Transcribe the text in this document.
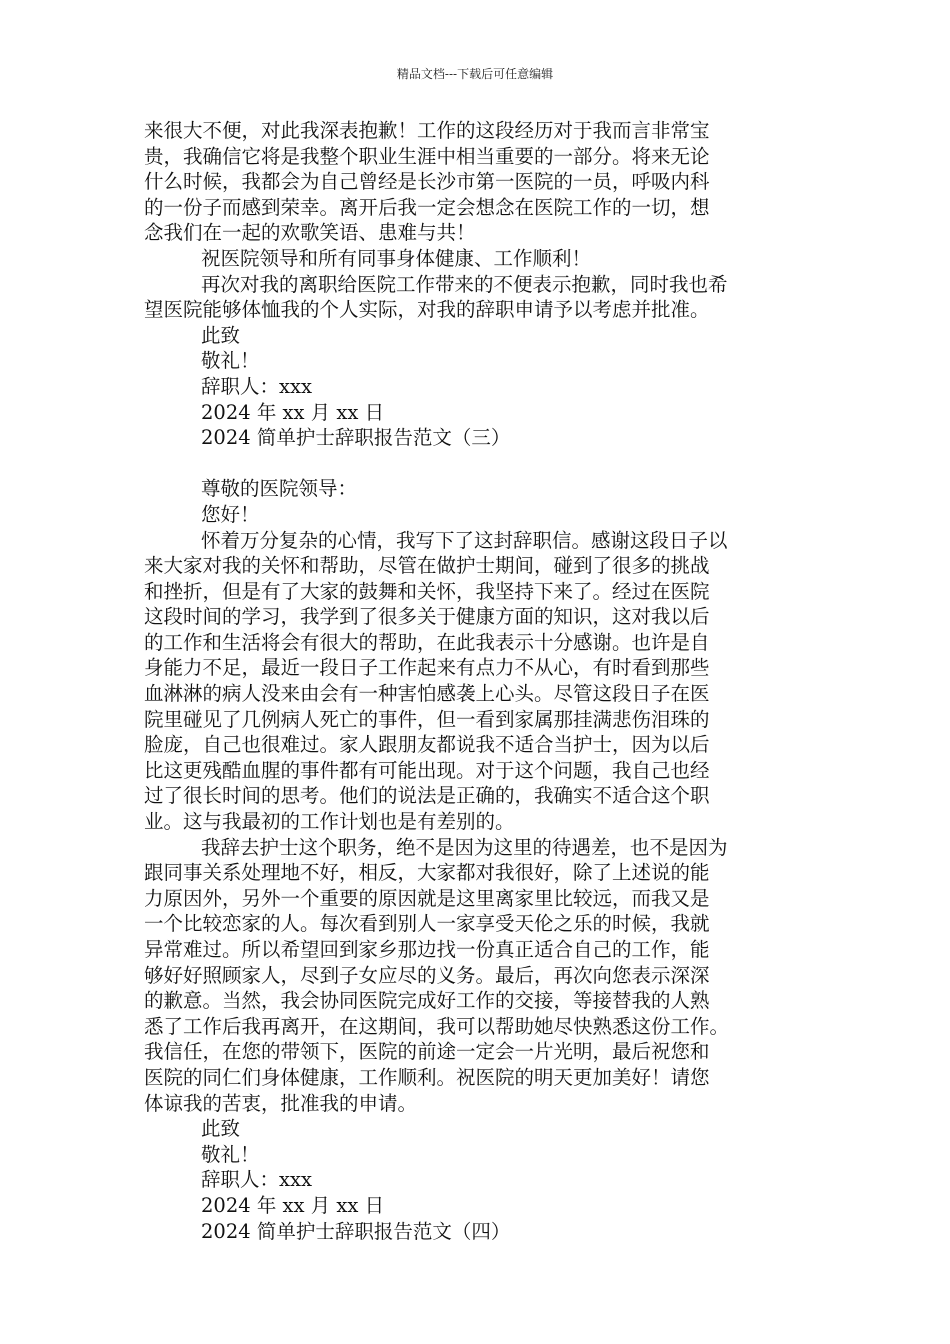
精品文档---下载后可任意编辑
来很大不便，对此我深表抱歉！工作的这段经历对于我而言非常宝
贵，我确信它将是我整个职业生涯中相当重要的一部分。将来无论
什么时候，我都会为自己曾经是长沙市第一医院的一员，呼吸内科
的一份子而感到荣幸。离开后我一定会想念在医院工作的一切，想
念我们在一起的欢歌笑语、患难与共！
祝医院领导和所有同事身体健康、工作顺利！
再次对我的离职给医院工作带来的不便表示抱歉，同时我也希
望医院能够体恤我的个人实际，对我的辞职申请予以考虑并批准。
此致
敬礼！
辞职人：xxx
2024 年 xx 月 xx 日
2024 简单护士辞职报告范文（三）
尊敬的医院领导：
您好！
怀着万分复杂的心情，我写下了这封辞职信。感谢这段日子以
来大家对我的关怀和帮助，尽管在做护士期间，碰到了很多的挑战
和挫折，但是有了大家的鼓舞和关怀，我坚持下来了。经过在医院
这段时间的学习，我学到了很多关于健康方面的知识，这对我以后
的工作和生活将会有很大的帮助，在此我表示十分感谢。也许是自
身能力不足，最近一段日子工作起来有点力不从心，有时看到那些
血淋淋的病人没来由会有一种害怕感袭上心头。尽管这段日子在医
院里碰见了几例病人死亡的事件，但一看到家属那挂满悲伤泪珠的
脸庞，自己也很难过。家人跟朋友都说我不适合当护士，因为以后
比这更残酷血腥的事件都有可能出现。对于这个问题，我自己也经
过了很长时间的思考。他们的说法是正确的，我确实不适合这个职
业。这与我最初的工作计划也是有差别的。
我辞去护士这个职务，绝不是因为这里的待遇差，也不是因为
跟同事关系处理地不好，相反，大家都对我很好，除了上述说的能
力原因外，另外一个重要的原因就是这里离家里比较远，而我又是
一个比较恋家的人。每次看到别人一家享受天伦之乐的时候，我就
异常难过。所以希望回到家乡那边找一份真正适合自己的工作，能
够好好照顾家人，尽到子女应尽的义务。最后，再次向您表示深深
的歉意。当然，我会协同医院完成好工作的交接，等接替我的人熟
悉了工作后我再离开，在这期间，我可以帮助她尽快熟悉这份工作。
我信任，在您的带领下，医院的前途一定会一片光明，最后祝您和
医院的同仁们身体健康，工作顺利。祝医院的明天更加美好！请您
体谅我的苦衷，批准我的申请。
此致
敬礼！
辞职人：xxx
2024 年 xx 月 xx 日
2024 简单护士辞职报告范文（四）
